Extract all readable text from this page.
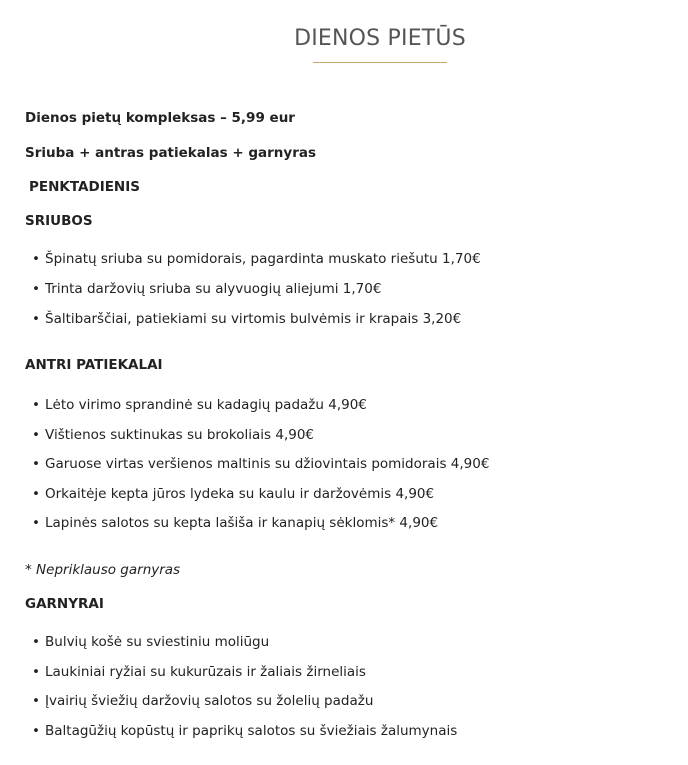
DIENOS PIETŪS

Dienos pietų kompleksas – 5,99 eur

Sriuba + antras patiekalas + garnyras

PENKTADIENIS

SRIUBOS

• Špinatų sriuba su pomidorais, pagardinta muskato riešutu 1,70€
• Trinta daržovių sriuba su alyvuogių aliejumi 1,70€
• Šaltibarščiai, patiekiami su virtomis bulvėmis ir krapais 3,20€

ANTRI PATIEKALAI

• Lėto virimo sprandinė su kadagių padažu 4,90€
• Vištienos suktinukas su brokoliais 4,90€
• Garuose virtas veršienos maltinis su džiovintais pomidorais 4,90€
• Orkaitėje kepta jūros lydeka su kaulu ir daržovėmis 4,90€
• Lapinės salotos su kepta lašiša ir kanapių sėklomis* 4,90€

* Nepriklauso garnyras

GARNYRAI

• Bulvių košė su sviestiniu moliūgu
• Laukiniai ryžiai su kukurūzais ir žaliais žirneliais
• Įvairių šviežių daržovių salotos su žolelių padažu
• Baltagūžių kopūstų ir paprikų salotos su šviežiais žalumynais
